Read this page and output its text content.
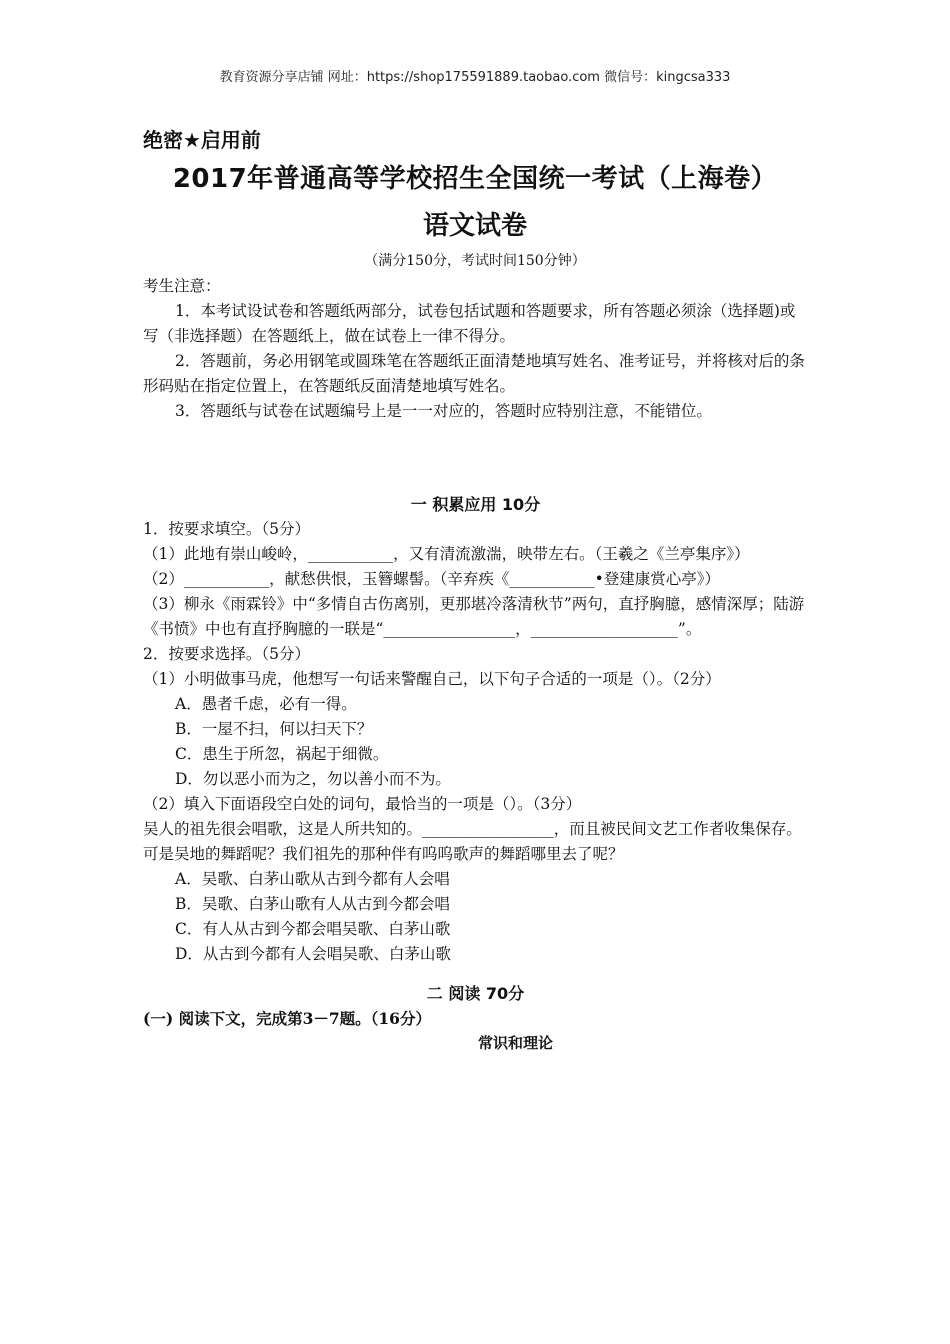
教育资源分享店铺 网址：https://shop175591889.taobao.com 微信号：kingcsa333
绝密★启用前
2017年普通高等学校招生全国统一考试（上海卷）
语文试卷
（满分150分，考试时间150分钟）

考生注意：

1．本考试设试卷和答题纸两部分，试卷包括试题和答题要求，所有答题必须涂（选择题)或写（非选择题）在答题纸上，做在试卷上一律不得分。

2．答题前，务必用钢笔或圆珠笔在答题纸正面清楚地填写姓名、准考证号，并将核对后的条形码贴在指定位置上，在答题纸反面清楚地填写姓名。

3．答题纸与试卷在试题编号上是一一对应的，答题时应特别注意，不能错位。

一 积累应用 10分

1．按要求填空。（5分）

（1）此地有崇山峻岭，___________，又有清流激湍，映带左右。（王羲之《兰亭集序》）

（2）___________，献愁供恨，玉簪螺髻。（辛弃疾《___________•登建康赏心亭》）

（3）柳永《雨霖铃》中“多情自古伤离别，更那堪冷落清秋节”两句，直抒胸臆，感情深厚；陆游《书愤》中也有直抒胸臆的一联是“_________________，___________________”。

2．按要求选择。（5分）

（1）小明做事马虎，他想写一句话来警醒自己，以下句子合适的一项是（）。（2分）

A．愚者千虑，必有一得。

B．一屋不扫，何以扫天下？

C．患生于所忽，祸起于细微。

D．勿以恶小而为之，勿以善小而不为。

（2）填入下面语段空白处的词句，最恰当的一项是（）。（3分）

吴人的祖先很会唱歌，这是人所共知的。_________________，而且被民间文艺工作者收集保存。可是吴地的舞蹈呢？我们祖先的那种伴有呜呜歌声的舞蹈哪里去了呢？

A．吴歌、白茅山歌从古到今都有人会唱

B．吴歌、白茅山歌有人从古到今都会唱

C．有人从古到今都会唱吴歌、白茅山歌

D．从古到今都有人会唱吴歌、白茅山歌

二 阅读 70分

(一) 阅读下文，完成第3－7题。（16分）

常识和理论
